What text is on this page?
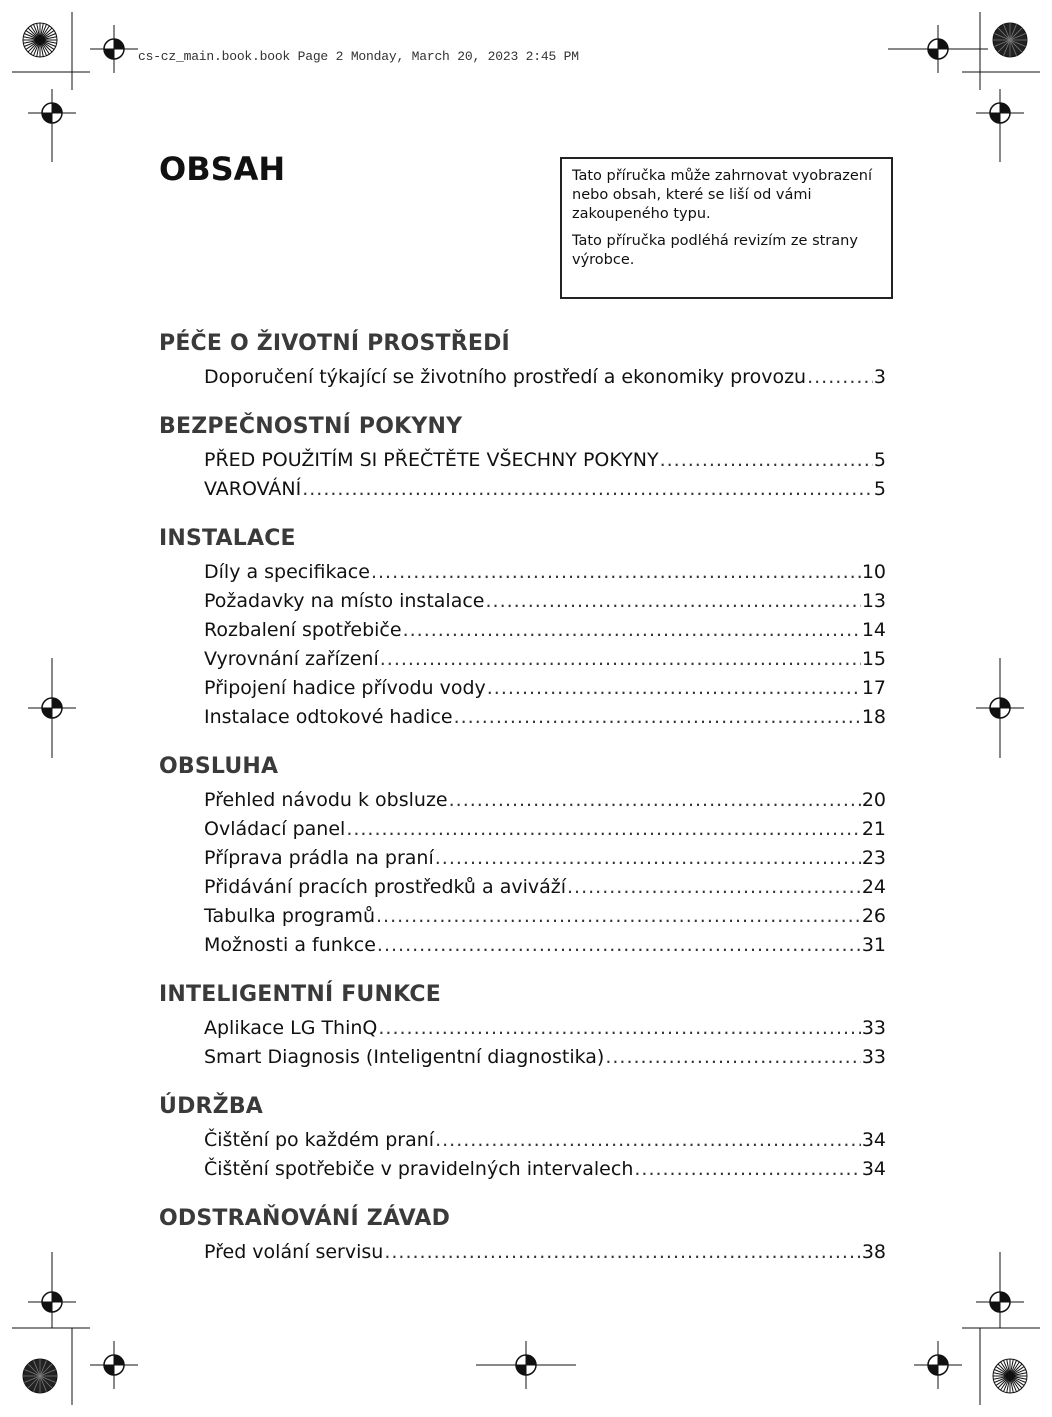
cs-cz_main.book.book Page 2 Monday, March 20, 2023 2:45 PM
OBSAH	Tato příručka může zahrnovat vyobrazení nebo obsah, které se liší od vámi zakoupeného typu.

Tato příručka podléhá revizím ze strany výrobce.

PÉČE O ŽIVOTNÍ PROSTŘEDÍ
Doporučení týkající se životního prostředí a ekonomiky provozu .....	3
BEZPEČNOSTNÍ POKYNY
PŘED POUŽITÍM SI PŘEČTĚTE VŠECHNY POKYNY .....	5
VAROVÁNÍ .....	5
INSTALACE
Díly a specifikace .....	10
Požadavky na místo instalace .....	13
Rozbalení spotřebiče .....	14
Vyrovnání zařízení .....	15
Připojení hadice přívodu vody .....	17
Instalace odtokové hadice .....	18
OBSLUHA
Přehled návodu k obsluze .....	20
Ovládací panel .....	21
Příprava prádla na praní .....	23
Přidávání pracích prostředků a aviváží .....	24
Tabulka programů .....	26
Možnosti a funkce .....	31
INTELIGENTNÍ FUNKCE
Aplikace LG ThinQ .....	33
Smart Diagnosis (Inteligentní diagnostika) .....	33
ÚDRŽBA
Čištění po každém praní .....	34
Čištění spotřebiče v pravidelných intervalech .....	34
ODSTRAŇOVÁNÍ ZÁVAD
Před volání servisu .....	38
